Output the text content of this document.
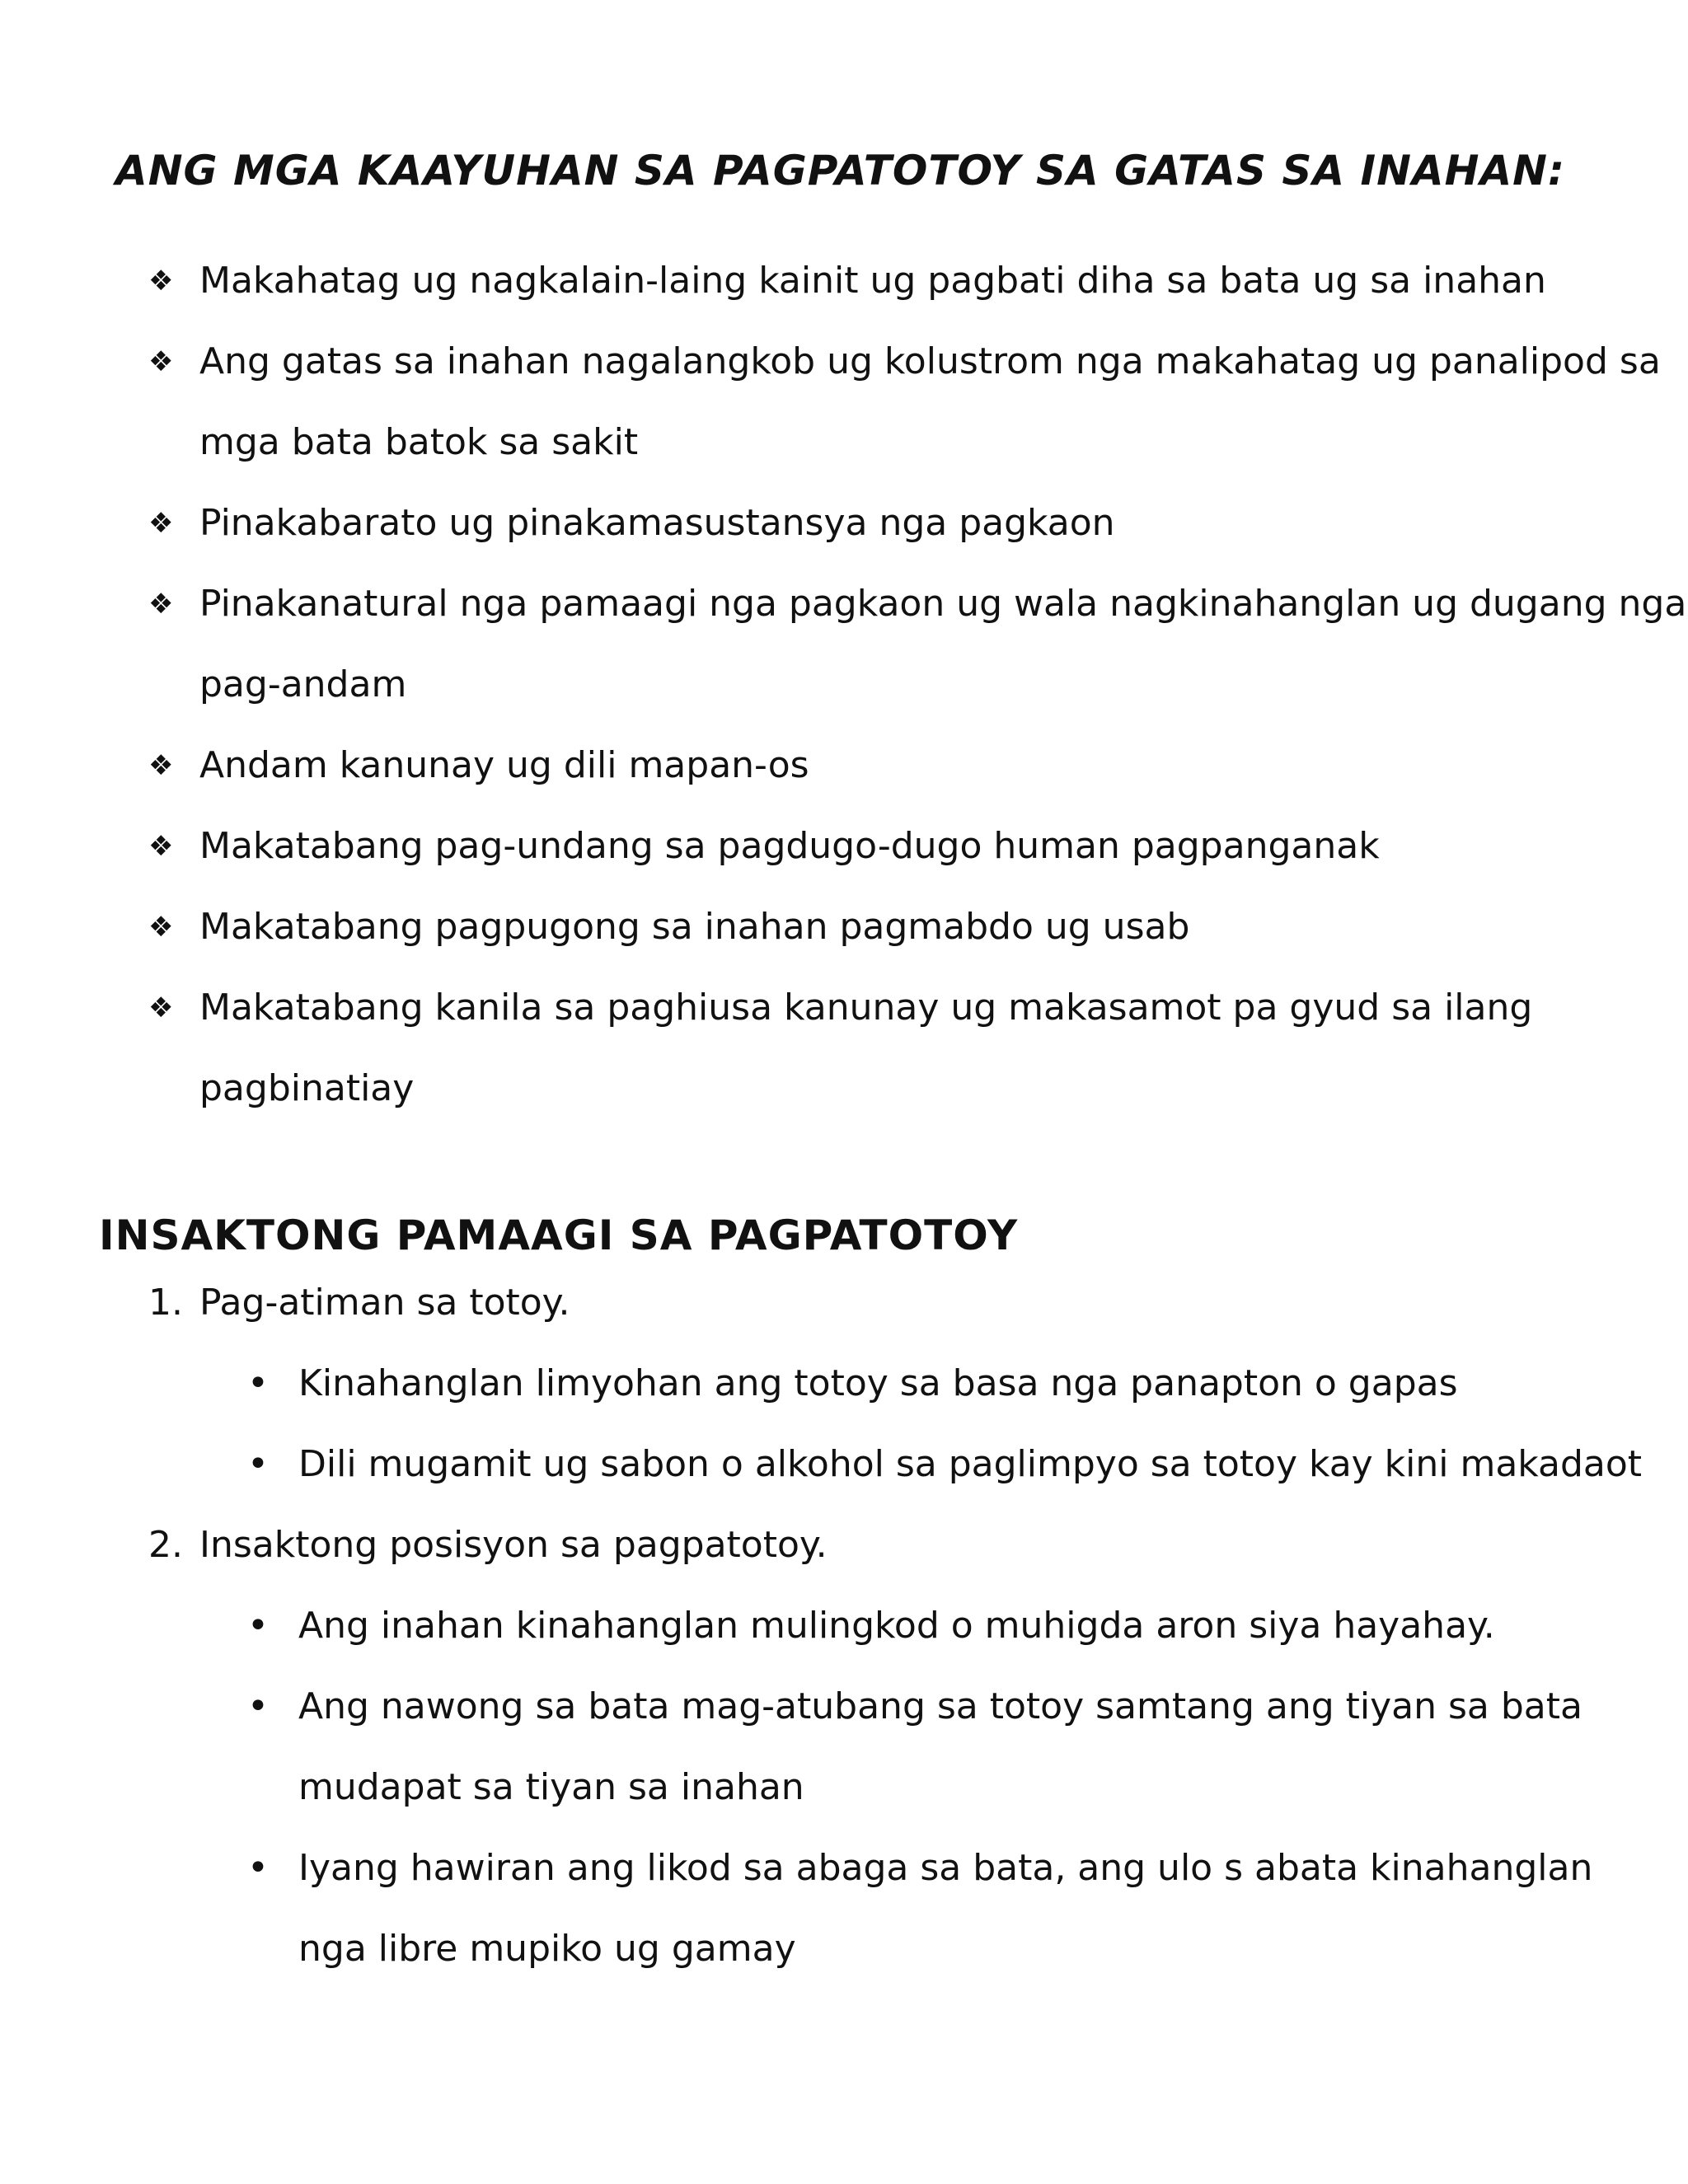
ANG MGA KAAYUHAN SA PAGPATOTOY SA GATAS SA INAHAN:
❖ Makahatag ug nagkalain-laing kainit ug pagbati diha sa bata ug sa inahan
❖ Ang gatas sa inahan nagalangkob ug kolustrom nga makahatag ug panalipod sa
mga bata batok sa sakit
❖ Pinakabarato ug pinakamasustansya nga pagkaon
❖ Pinakanatural nga pamaagi nga pagkaon ug wala nagkinahanglan ug dugang nga
pag-andam
❖ Andam kanunay ug dili mapan-os
❖ Makatabang pag-undang sa pagdugo-dugo human pagpanganak
❖ Makatabang pagpugong sa inahan pagmabdo ug usab
❖ Makatabang kanila sa paghiusa kanunay ug makasamot pa gyud sa ilang
pagbinatiay
INSAKTONG PAMAAGI SA PAGPATOTOY
1. Pag-atiman sa totoy.
• Kinahanglan limyohan ang totoy sa basa nga panapton o gapas
• Dili mugamit ug sabon o alkohol sa paglimpyo sa totoy kay kini makadaot
2. Insaktong posisyon sa pagpatotoy.
• Ang inahan kinahanglan mulingkod o muhigda aron siya hayahay.
• Ang nawong sa bata mag-atubang sa totoy samtang ang tiyan sa bata
mudapat sa tiyan sa inahan
• Iyang hawiran ang likod sa abaga sa bata, ang ulo s abata kinahanglan
nga libre mupiko ug gamay
